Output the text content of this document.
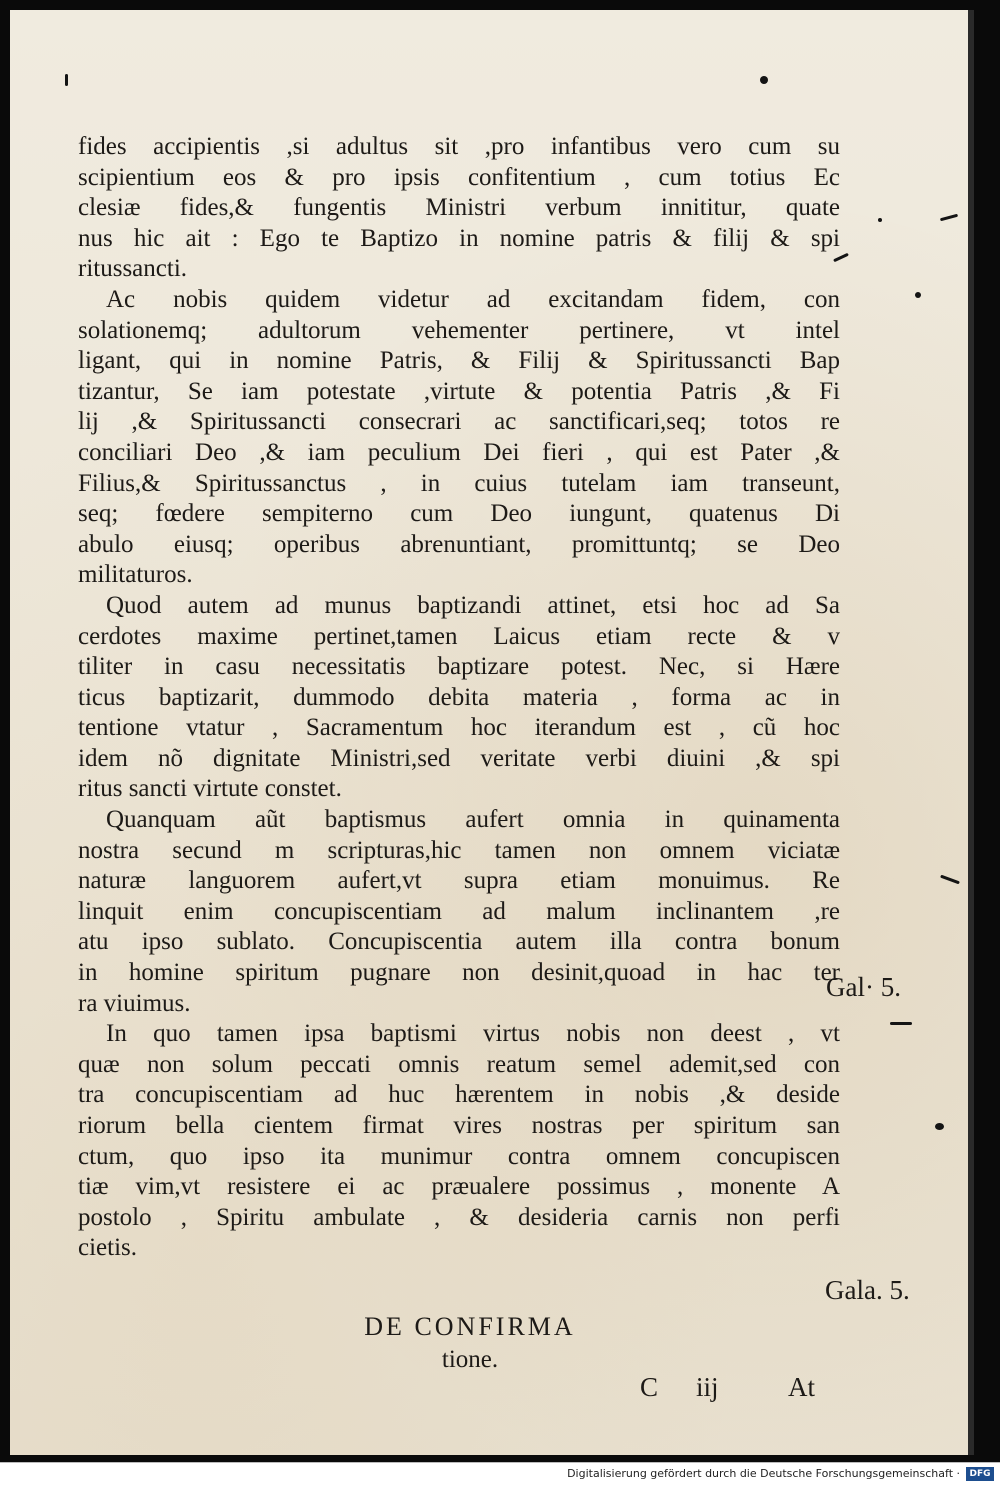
fides accipientis ,si adultus sit ,pro infantibus vero cum su
scipientium eos & pro ipsis confitentium , cum totius Ec
clesiæ fides,& fungentis Ministri verbum innititur, quate
nus hic ait : Ego te Baptizo in nomine patris & filij & spi
ritussancti.
Ac nobis quidem videtur ad excitandam fidem, con
solationemq; adultorum vehementer pertinere, vt intel
ligant, qui in nomine Patris, & Filij & Spiritussancti Bap
tizantur, Se iam potestate ,virtute & potentia Patris ,& Fi
lij ,& Spiritussancti consecrari ac sanctificari,seq; totos re
conciliari Deo ,& iam peculium Dei fieri , qui est Pater ,&
Filius,& Spiritussanctus , in cuius tutelam iam transeunt,
seq; fœdere sempiterno cum Deo iungunt, quatenus Di
abulo eiusq; operibus abrenuntiant, promittuntq; se Deo
militaturos.
Quod autem ad munus baptizandi attinet, etsi hoc ad Sa
cerdotes maxime pertinet,tamen Laicus etiam recte & v
tiliter in casu necessitatis baptizare potest. Nec, si Hære
ticus baptizarit, dummodo debita materia , forma ac in
tentione vtatur , Sacramentum hoc iterandum est , cũ hoc
idem nõ dignitate Ministri,sed veritate verbi diuini ,& spi
ritus sancti virtute constet.
Quanquam aũt baptismus aufert omnia in quinamenta
nostra secund m scripturas,hic tamen non omnem viciatæ
naturæ languorem aufert,vt supra etiam monuimus. Re
linquit enim concupiscentiam ad malum inclinantem ,re
atu ipso sublato. Concupiscentia autem illa contra bonum
in homine spiritum pugnare non desinit,quoad in hac ter
ra viuimus.
In quo tamen ipsa baptismi virtus nobis non deest , vt
quæ non solum peccati omnis reatum semel ademit,sed con
tra concupiscentiam ad huc hærentem in nobis ,& deside
riorum bella cientem firmat vires nostras per spiritum san
ctum, quo ipso ita munimur contra omnem concupiscen
tiæ vim,vt resistere ei ac præualere possimus , monente A
postolo , Spiritu ambulate , & desideria carnis non perfi
cietis.
Gal· 5.
Gala. 5.
DE CONFIRMA
tione.
C iij	At
Digitalisierung gefördert durch die Deutsche Forschungsgemeinschaft ·	DFG
